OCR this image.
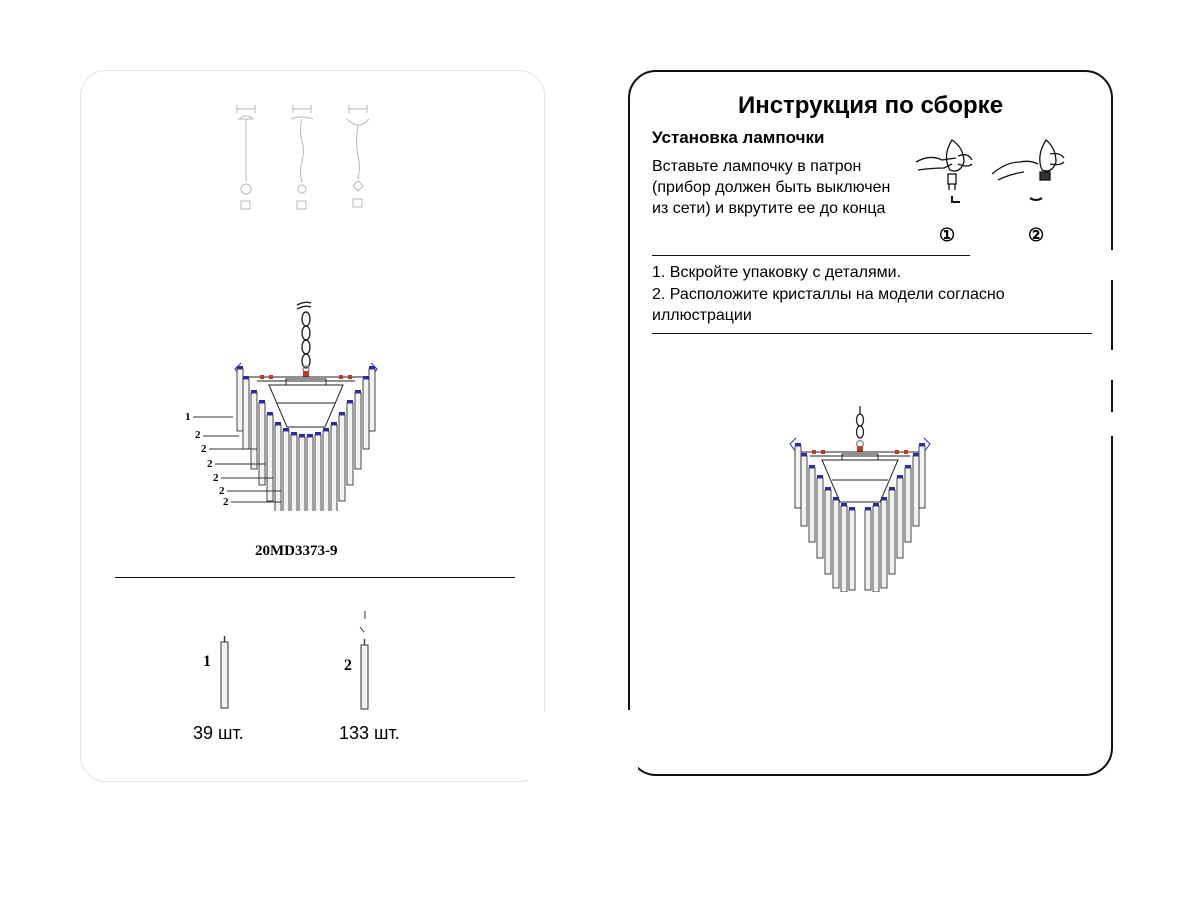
1
2
2
2
2
2
2
20MD3373-9
1
39 шт.
2
133 шт.
Инструкция по сборке
Установка лампочки
Вставьте лампочку в патрон (прибор должен быть выключен из сети) и вкрутите ее до конца
①	②
1. Вскройте упаковку с деталями.
2. Расположите кристаллы на модели согласно иллюстрации
